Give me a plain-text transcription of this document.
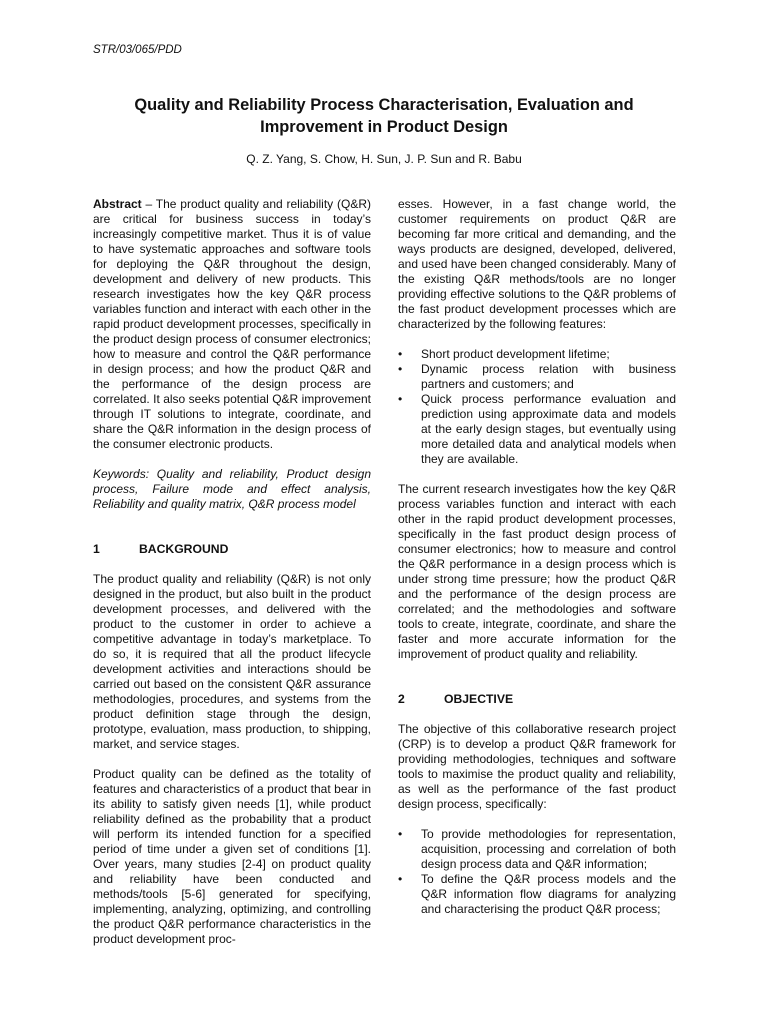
STR/03/065/PDD
Quality and Reliability Process Characterisation, Evaluation and
Improvement in Product Design
Q. Z. Yang, S. Chow, H. Sun, J. P. Sun and R. Babu

Abstract – The product quality and reliability (Q&R) are critical for business success in today’s increasingly competitive market. Thus it is of value to have systematic approaches and software tools for deploying the Q&R throughout the design, development and delivery of new products. This research investigates how the key Q&R process variables function and interact with each other in the rapid product development processes, specifically in the product design process of consumer electronics; how to measure and control the Q&R performance in design process; and how the product Q&R and the performance of the design process are correlated. It also seeks potential Q&R improvement through IT solutions to integrate, coordinate, and share the Q&R information in the design process of the consumer electronic products.

Keywords: Quality and reliability, Product design process, Failure mode and effect analysis, Reliability and quality matrix, Q&R process model

1	BACKGROUND

The product quality and reliability (Q&R) is not only designed in the product, but also built in the product development processes, and delivered with the product to the customer in order to achieve a competitive advantage in today’s marketplace. To do so, it is required that all the product lifecycle development activities and interactions should be carried out based on the consistent Q&R assurance methodologies, procedures, and systems from the product definition stage through the design, prototype, evaluation, mass production, to shipping, market, and service stages.

Product quality can be defined as the totality of features and characteristics of a product that bear in its ability to satisfy given needs [1], while product reliability defined as the probability that a product will perform its intended function for a specified period of time under a given set of conditions [1]. Over years, many studies [2-4] on product quality and reliability have been conducted and methods/tools [5-6] generated for specifying, implementing, analyzing, optimizing, and controlling the product Q&R performance characteristics in the product development proc-

esses. However, in a fast change world, the customer requirements on product Q&R are becoming far more critical and demanding, and the ways products are designed, developed, delivered, and used have been changed considerably. Many of the existing Q&R methods/tools are no longer providing effective solutions to the Q&R problems of the fast product development processes which are characterized by the following features:

• Short product development lifetime;
• Dynamic process relation with business partners and customers; and
• Quick process performance evaluation and prediction using approximate data and models at the early design stages, but eventually using more detailed data and analytical models when they are available.

The current research investigates how the key Q&R process variables function and interact with each other in the rapid product development processes, specifically in the fast product design process of consumer electronics; how to measure and control the Q&R performance in a design process which is under strong time pressure; how the product Q&R and the performance of the design process are correlated; and the methodologies and software tools to create, integrate, coordinate, and share the faster and more accurate information for the improvement of product quality and reliability.

2	OBJECTIVE

The objective of this collaborative research project (CRP) is to develop a product Q&R framework for providing methodologies, techniques and software tools to maximise the product quality and reliability, as well as the performance of the fast product design process, specifically:

• To provide methodologies for representation, acquisition, processing and correlation of both design process data and Q&R information;
• To define the Q&R process models and the Q&R information flow diagrams for analyzing and characterising the product Q&R process;
